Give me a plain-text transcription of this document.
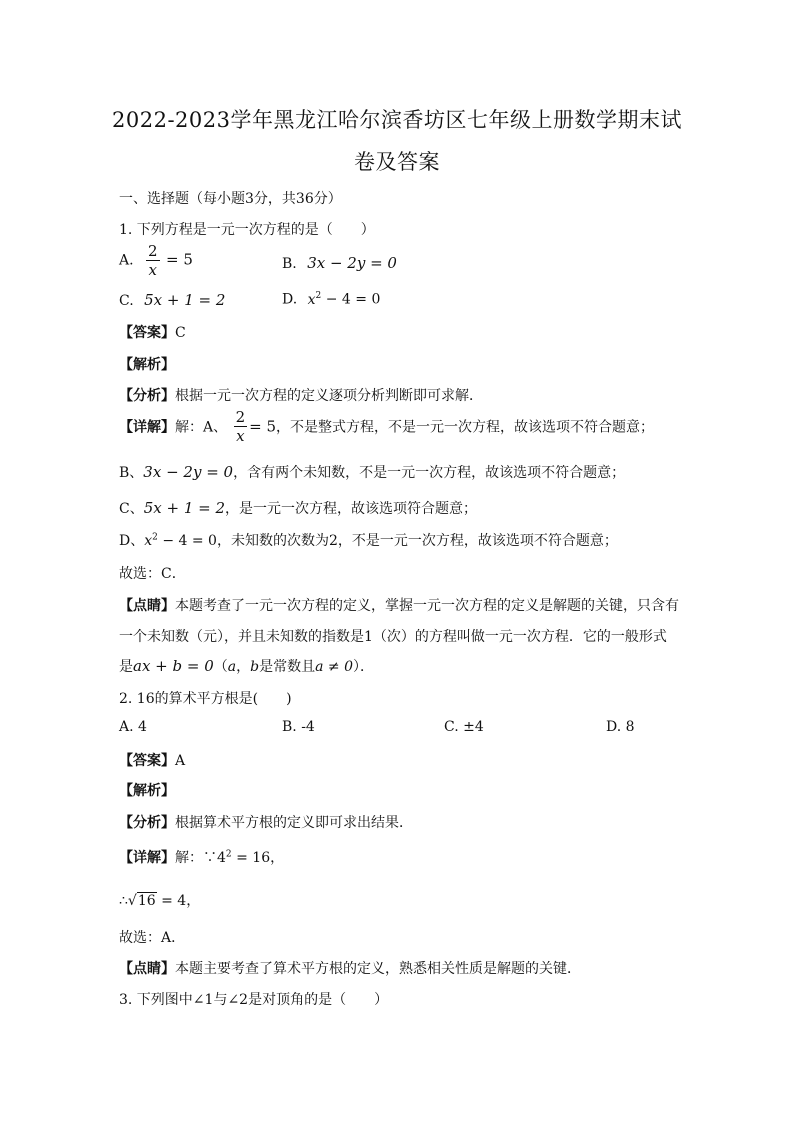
2022-2023学年黑龙江哈尔滨香坊区七年级上册数学期末试
卷及答案
一、选择题（每小题3分，共36分）
1. 下列方程是一元一次方程的是（　　）
A. $\frac{2}{x} = 5$	B. 3x − 2y = 0
C. 5x + 1 = 2	D. $x^2 - 4 = 0$
【答案】C
【解析】
【分析】根据一元一次方程的定义逐项分析判断即可求解．
【详解】解：A、 $\frac{2}{x} = 5$，不是整式方程，不是一元一次方程，故该选项不符合题意；
B、3x − 2y = 0，含有两个未知数，不是一元一次方程，故该选项不符合题意；
C、5x + 1 = 2，是一元一次方程，故该选项符合题意；
D、$x^2 - 4 = 0$，未知数的次数为2，不是一元一次方程，故该选项不符合题意；
故选：C．
【点睛】本题考查了一元一次方程的定义，掌握一元一次方程的定义是解题的关键，只含有
一个未知数（元），并且未知数的指数是1（次）的方程叫做一元一次方程．它的一般形式
是ax + b = 0（a，b是常数且a ≠ 0）．
2. 16的算术平方根是(　　)
A. 4	B. -4	C. ±4	D. 8
【答案】A
【解析】
【分析】根据算术平方根的定义即可求出结果．
【详解】解：$\because 4^2 = 16$，
∴√16 = 4，
故选：A．
【点睛】本题主要考查了算术平方根的定义，熟悉相关性质是解题的关键．
3. 下列图中∠1与∠2是对顶角的是（　　）
